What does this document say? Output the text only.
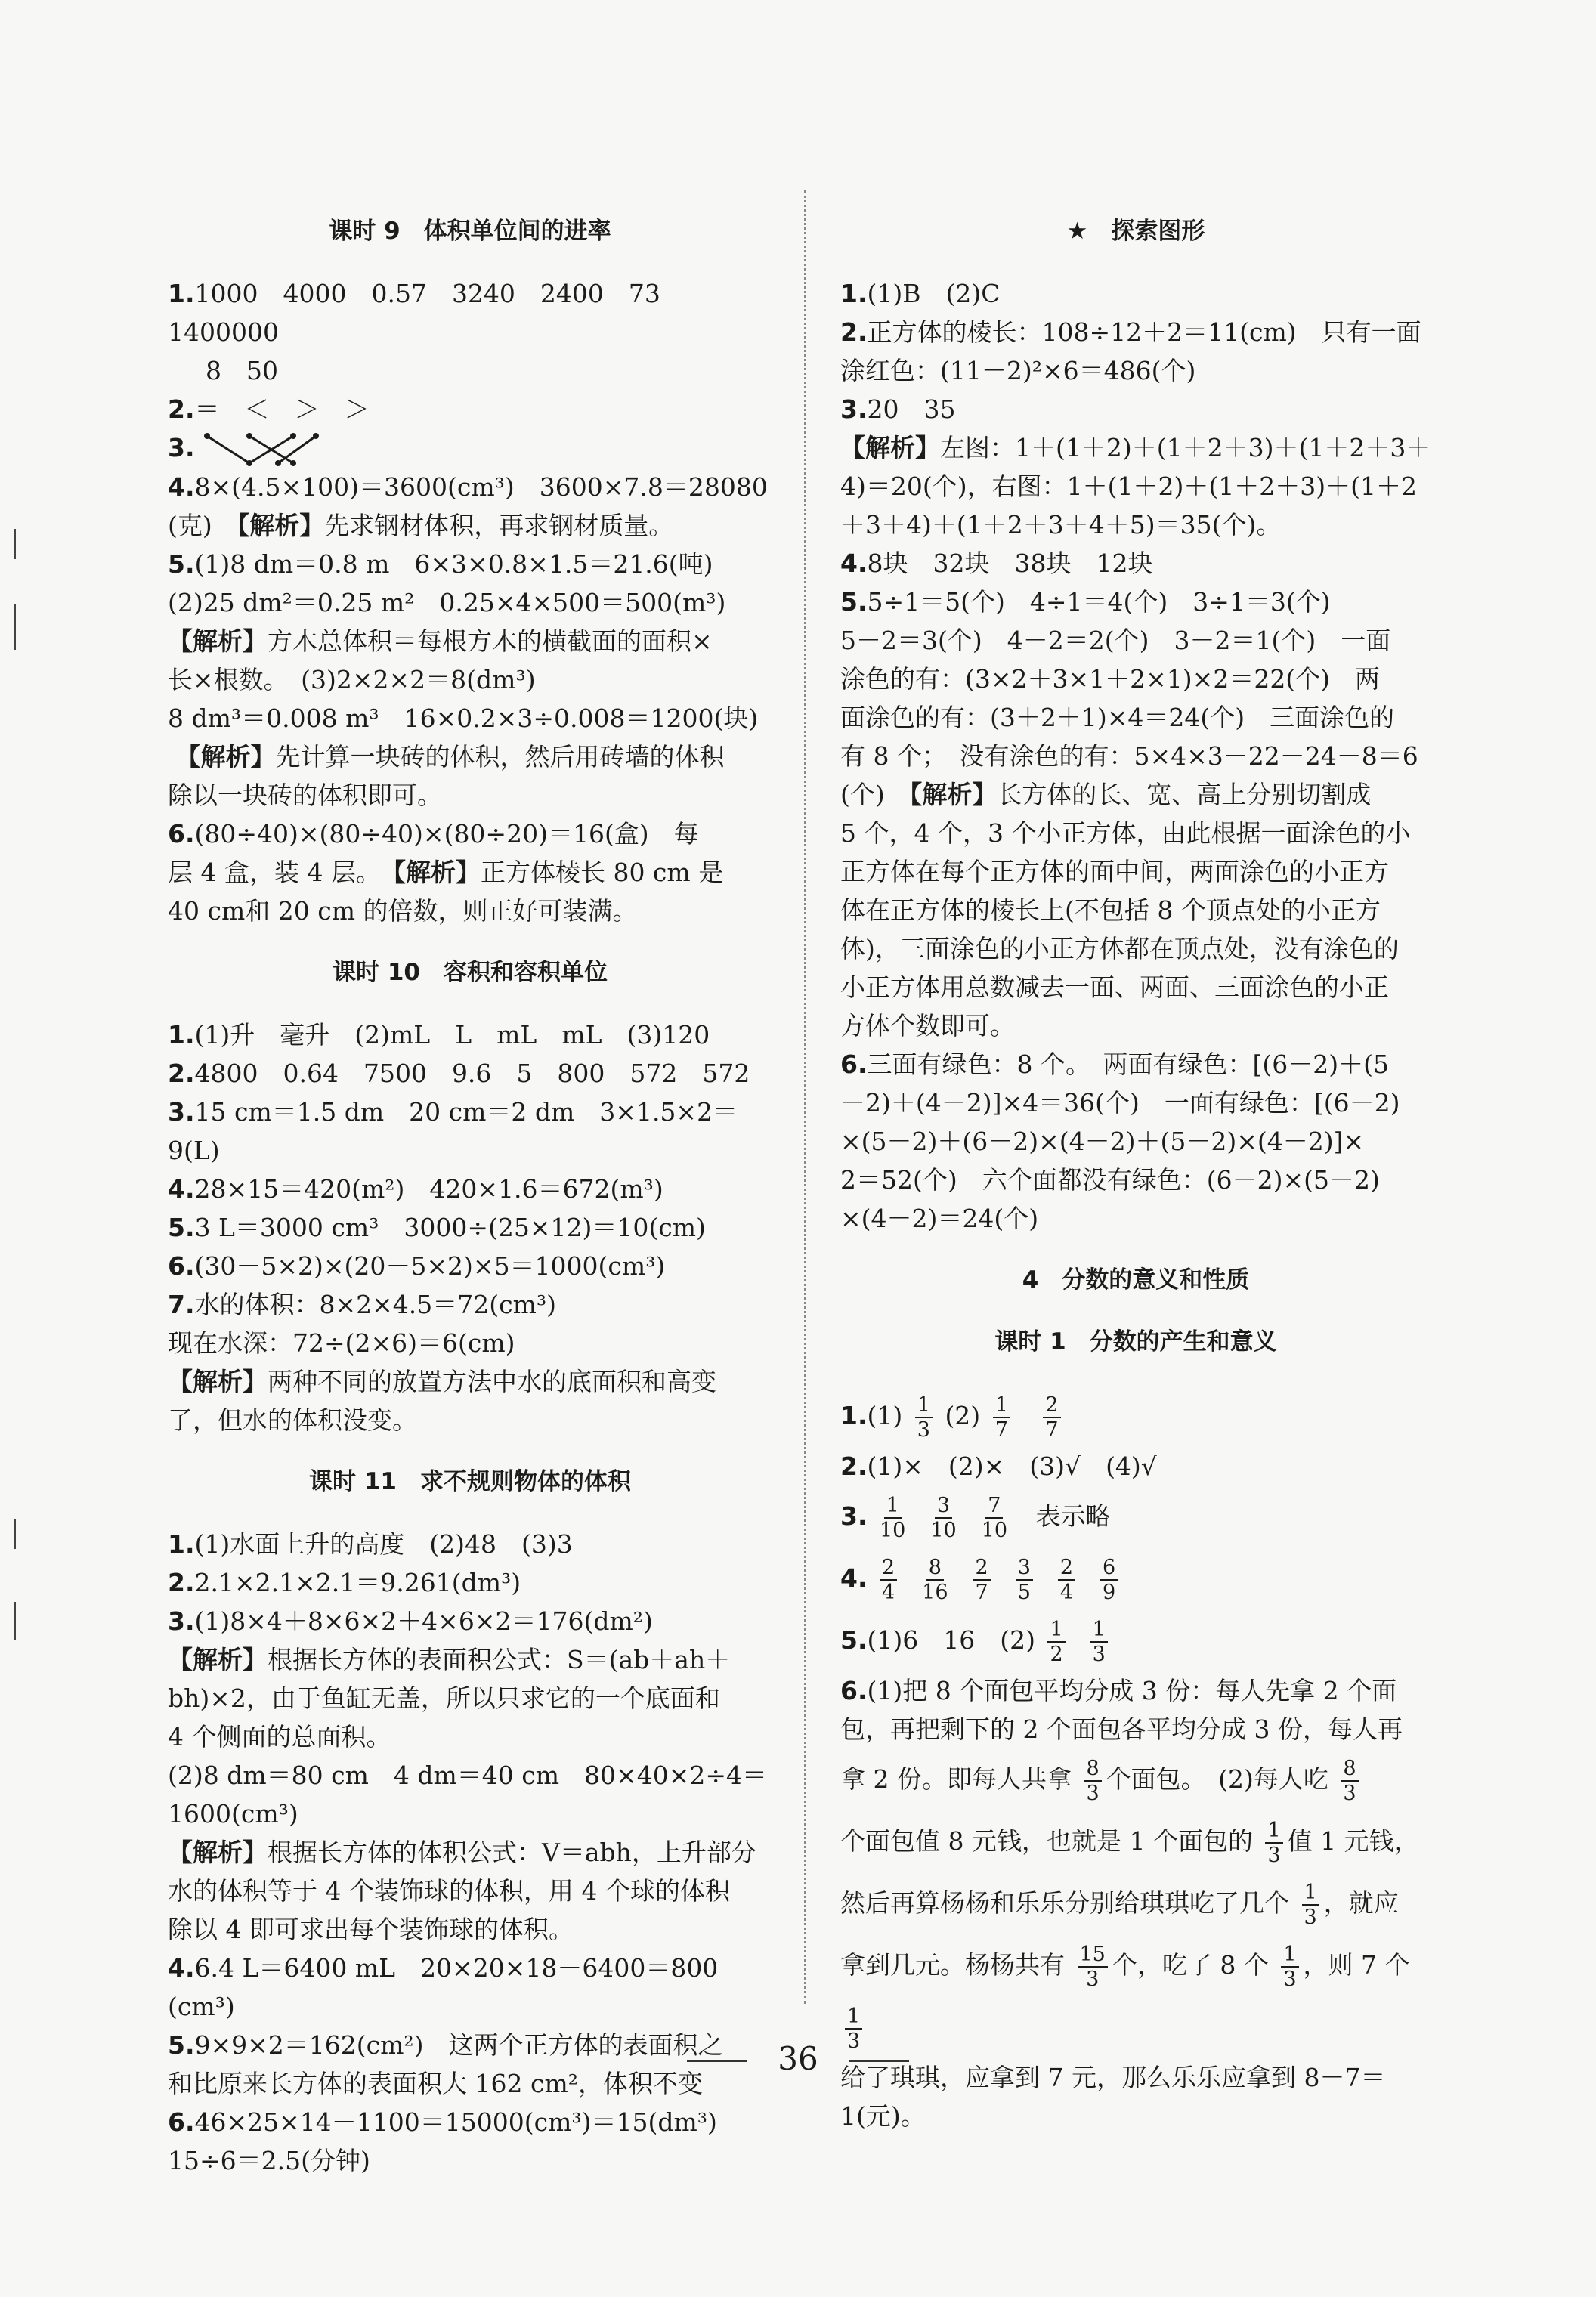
课时 9　体积单位间的进率

1.1000　4000　0.57　3240　2400　73　1400000

8　50

2.＝　＜　＞　＞

3.

4.8×(4.5×100)＝3600(cm³)　3600×7.8＝28080

(克)　 【解析】先求钢材体积，再求钢材质量。

5.(1)8 dm＝0.8 m　6×3×0.8×1.5＝21.6(吨)

(2)25 dm²＝0.25 m²　0.25×4×500＝500(m³)

【解析】方木总体积＝每根方木的横截面的面积×

长×根数。　(3)2×2×2＝8(dm³)

8 dm³＝0.008 m³　16×0.2×3÷0.008＝1200(块)

【解析】先计算一块砖的体积，然后用砖墙的体积

除以一块砖的体积即可。

6.(80÷40)×(80÷40)×(80÷20)＝16(盒)　每

层 4 盒，装 4 层。　 【解析】正方体棱长 80 cm 是

40 cm和 20 cm 的倍数，则正好可装满。

课时 10　容积和容积单位

1.(1)升　毫升　(2)mL　L　mL　mL　(3)120

2.4800　0.64　7500　9.6　5　800　572　572

3.15 cm＝1.5 dm　20 cm＝2 dm　3×1.5×2＝9(L)

4.28×15＝420(m²)　420×1.6＝672(m³)

5.3 L＝3000 cm³　3000÷(25×12)＝10(cm)

6.(30－5×2)×(20－5×2)×5＝1000(cm³)

7.水的体积：8×2×4.5＝72(cm³)

现在水深：72÷(2×6)＝6(cm)

【解析】两种不同的放置方法中水的底面积和高变

了，但水的体积没变。

课时 11　求不规则物体的体积

1.(1)水面上升的高度　(2)48　(3)3

2.2.1×2.1×2.1＝9.261(dm³)

3.(1)8×4＋8×6×2＋4×6×2＝176(dm²)

【解析】根据长方体的表面积公式：S＝(ab＋ah＋

bh)×2，由于鱼缸无盖，所以只求它的一个底面和

4 个侧面的总面积。

(2)8 dm＝80 cm　4 dm＝40 cm　80×40×2÷4＝

1600(cm³)

【解析】根据长方体的体积公式：V＝abh，上升部分

水的体积等于 4 个装饰球的体积，用 4 个球的体积

除以 4 即可求出每个装饰球的体积。

4.6.4 L＝6400 mL　20×20×18－6400＝800

(cm³)

5.9×9×2＝162(cm²)　这两个正方体的表面积之

和比原来长方体的表面积大 162 cm²，体积不变

6.46×25×14－1100＝15000(cm³)＝15(dm³)

15÷6＝2.5(分钟)

★　探索图形

1.(1)B　(2)C

2.正方体的棱长：108÷12＋2＝11(cm)　只有一面

涂红色：(11－2)²×6＝486(个)

3.20　35

【解析】左图：1＋(1＋2)＋(1＋2＋3)＋(1＋2＋3＋

4)＝20(个)，右图：1＋(1＋2)＋(1＋2＋3)＋(1＋2

＋3＋4)＋(1＋2＋3＋4＋5)＝35(个)。

4.8块　32块　38块　12块

5.5÷1＝5(个)　4÷1＝4(个)　3÷1＝3(个)

5－2＝3(个)　4－2＝2(个)　3－2＝1(个)　一面

涂色的有：(3×2＋3×1＋2×1)×2＝22(个)　两

面涂色的有：(3＋2＋1)×4＝24(个)　三面涂色的

有 8 个；　没有涂色的有：5×4×3－22－24－8＝6

(个)　 【解析】长方体的长、宽、高上分别切割成

5 个，4 个，3 个小正方体，由此根据一面涂色的小

正方体在每个正方体的面中间，两面涂色的小正方

体在正方体的棱长上(不包括 8 个顶点处的小正方

体)，三面涂色的小正方体都在顶点处，没有涂色的

小正方体用总数减去一面、两面、三面涂色的小正

方体个数即可。

6.三面有绿色：8 个。　两面有绿色：[(6－2)＋(5

－2)＋(4－2)]×4＝36(个)　一面有绿色：[(6－2)

×(5－2)＋(6－2)×(4－2)＋(5－2)×(4－2)]×

2＝52(个)　六个面都没有绿色：(6－2)×(5－2)

×(4－2)＝24(个)

4　分数的意义和性质

课时 1　分数的产生和意义

$1.(1) \frac{1}{3} (2) \frac{1}{7}$
$\frac{2}{7}$

2.(1)×　(2)×　(3)√　(4)√

3. $\frac{1}{10}$
$\frac{3}{10}$
$\frac{7}{10}$ 表示略

4. $\frac{2}{4}$
$\frac{8}{16}$
$\frac{2}{7}$
$\frac{3}{5}$
$\frac{2}{4}$
$\frac{6}{9}$

5.(1)6　16　$(2) \frac{1}{2}$
$\frac{1}{3}$

6.(1)把 8 个面包平均分成 3 份：每人先拿 2 个面

包，再把剩下的 2 个面包各平均分成 3 份，每人再

拿 2 份。即每人共拿 $\frac{8}{3}$ 个面包。　(2)每人吃 $\frac{8}{3}$

个面包值 8 元钱，也就是 1 个面包的 $\frac{1}{3}$ 值 1 元钱，

然后再算杨杨和乐乐分别给琪琪吃了几个 $\frac{1}{3}$ ，就应

拿到几元。杨杨共有 $\frac{15}{3}$ 个，吃了 8 个 $\frac{1}{3}$ ，则 7 个
$\frac{1}{3}$

给了琪琪，应拿到 7 元，那么乐乐应拿到 8－7＝1(元)。

36
